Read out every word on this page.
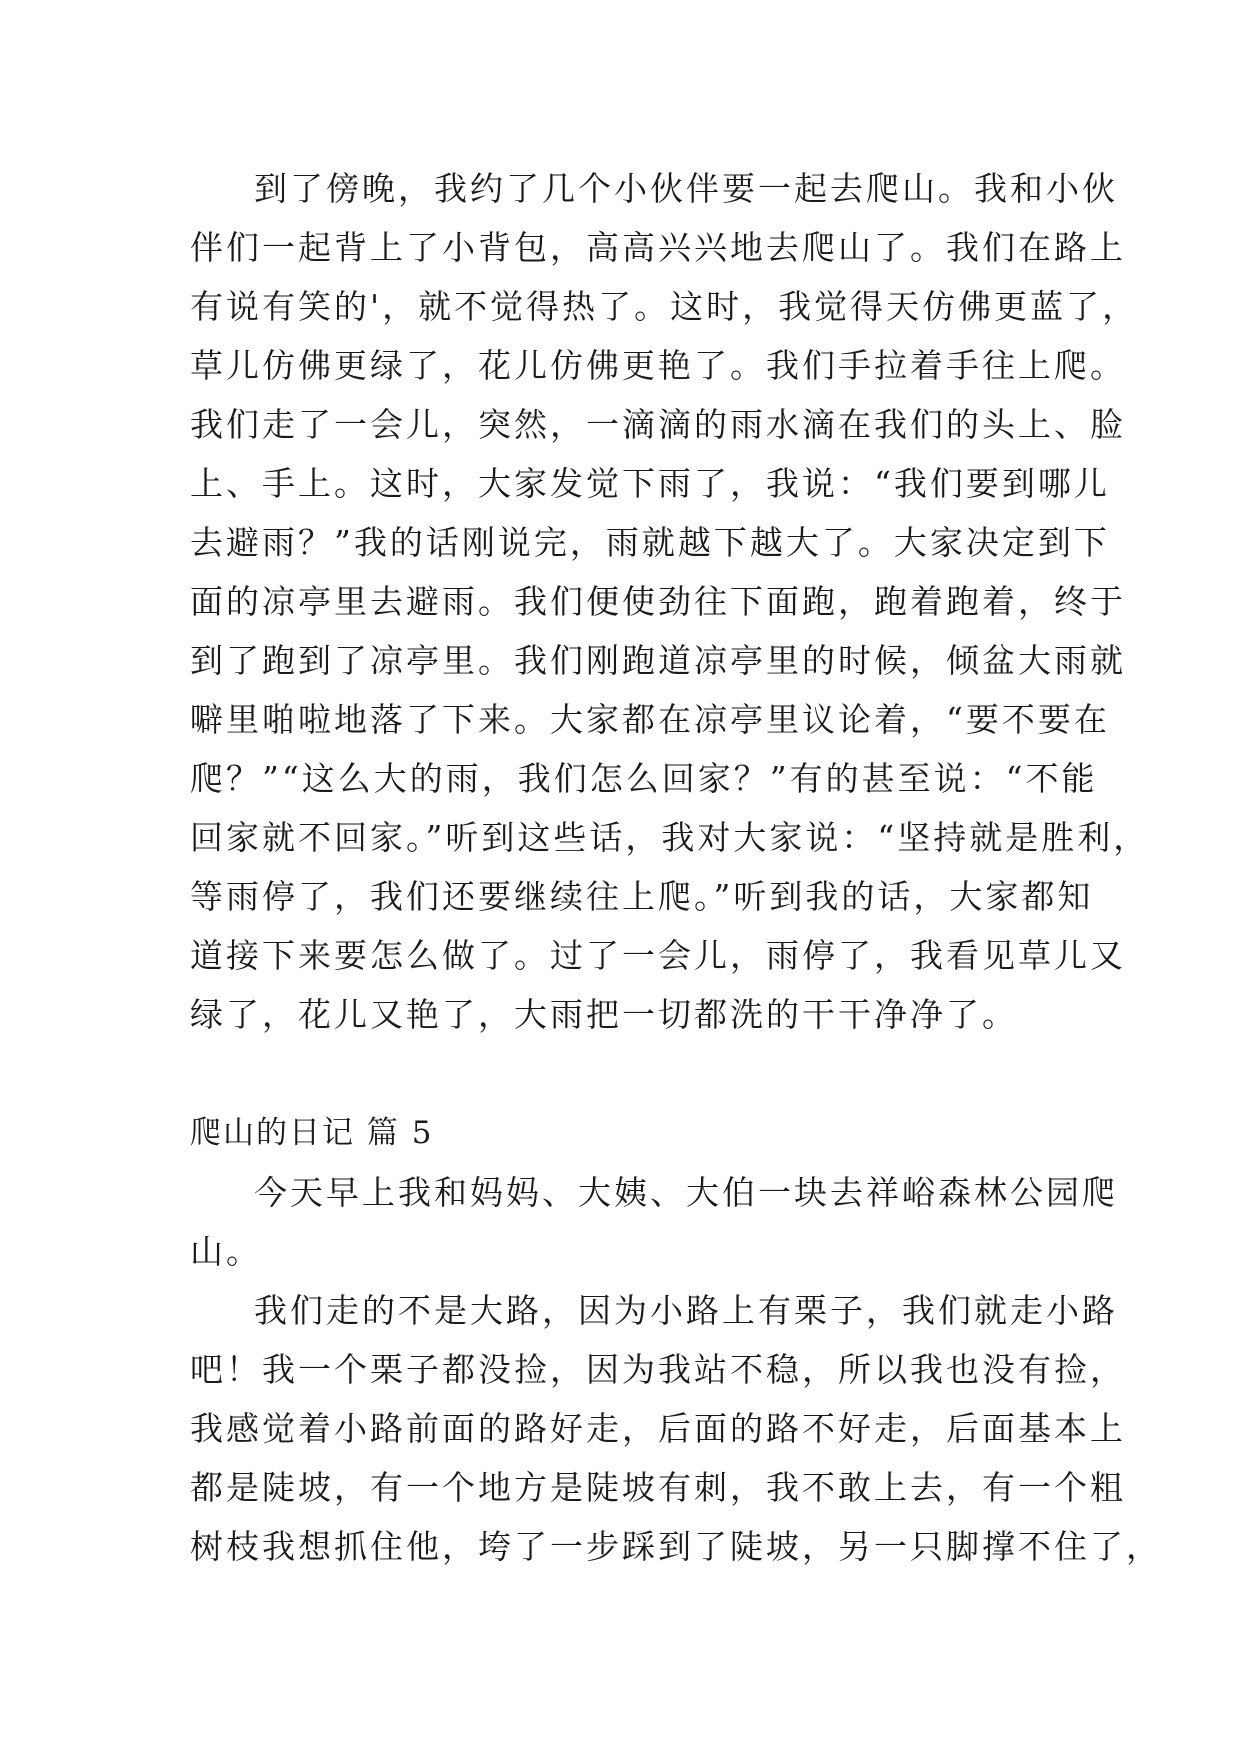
到了傍晚，我约了几个小伙伴要一起去爬山。我和小伙
伴们一起背上了小背包，高高兴兴地去爬山了。我们在路上
有说有笑的'，就不觉得热了。这时，我觉得天仿佛更蓝了，
草儿仿佛更绿了，花儿仿佛更艳了。我们手拉着手往上爬。
我们走了一会儿，突然，一滴滴的雨水滴在我们的头上、脸
上、手上。这时，大家发觉下雨了，我说：“我们要到哪儿
去避雨？”我的话刚说完，雨就越下越大了。大家决定到下
面的凉亭里去避雨。我们便使劲往下面跑，跑着跑着，终于
到了跑到了凉亭里。我们刚跑道凉亭里的时候，倾盆大雨就
噼里啪啦地落了下来。大家都在凉亭里议论着，“要不要在
爬？”“这么大的雨，我们怎么回家？”有的甚至说：“不能
回家就不回家。”听到这些话，我对大家说：“坚持就是胜利，
等雨停了，我们还要继续往上爬。”听到我的话，大家都知
道接下来要怎么做了。过了一会儿，雨停了，我看见草儿又
绿了，花儿又艳了，大雨把一切都洗的干干净净了。
爬山的日记 篇 5
今天早上我和妈妈、大姨、大伯一块去祥峪森林公园爬
山。
我们走的不是大路，因为小路上有栗子，我们就走小路
吧！我一个栗子都没捡，因为我站不稳，所以我也没有捡，
我感觉着小路前面的路好走，后面的路不好走，后面基本上
都是陡坡，有一个地方是陡坡有刺，我不敢上去，有一个粗
树枝我想抓住他，垮了一步踩到了陡坡，另一只脚撑不住了，
